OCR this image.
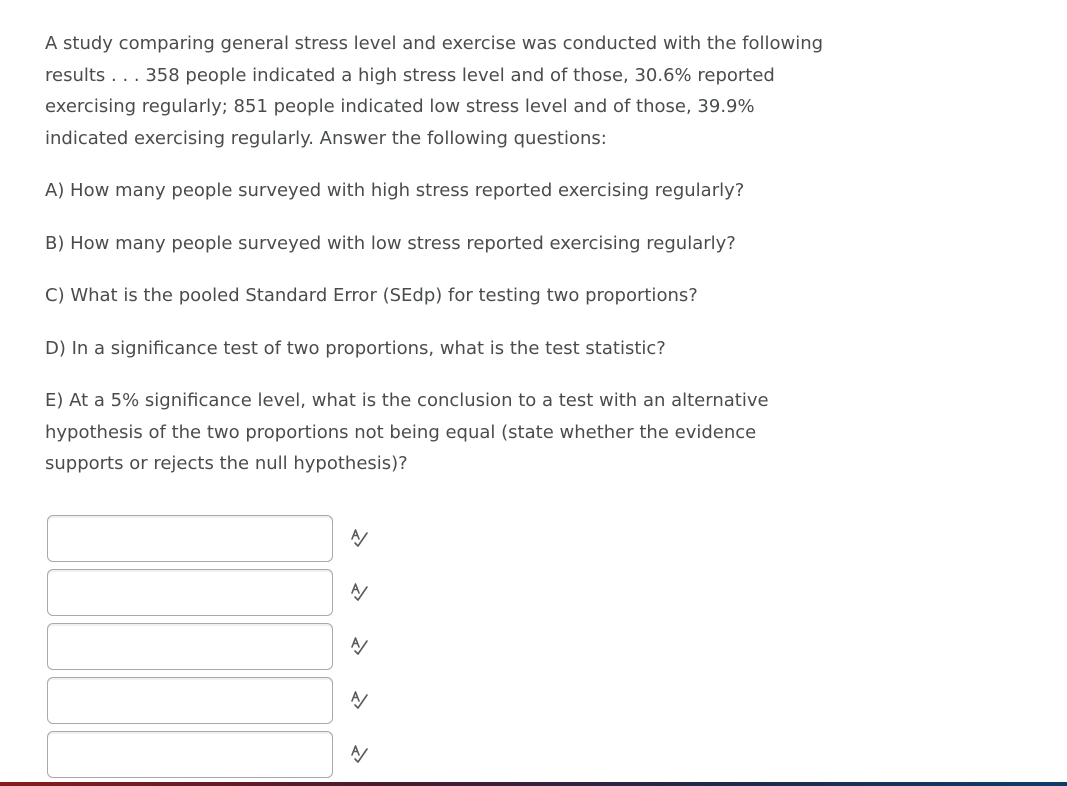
A study comparing general stress level and exercise was conducted with the following results . . . 358 people indicated a high stress level and of those, 30.6% reported exercising regularly; 851 people indicated low stress level and of those, 39.9% indicated exercising regularly. Answer the following questions:

A) How many people surveyed with high stress reported exercising regularly?

B) How many people surveyed with low stress reported exercising regularly?

C) What is the pooled Standard Error (SEdp) for testing two proportions?

D) In a significance test of two proportions, what is the test statistic?

E) At a 5% significance level, what is the conclusion to a test with an alternative hypothesis of the two proportions not being equal (state whether the evidence supports or rejects the null hypothesis)?
